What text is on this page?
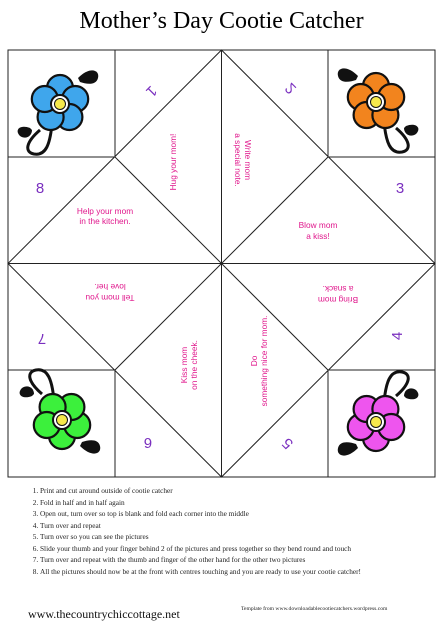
Mother’s Day Cootie Catcher
1	2
3
4
5
6
7
8	Hug your mom!	Write mom
a special note.
Help your mom
in the kitchen.	Blow mom
a kiss!
Tell mom you
love her.
Bring mom
a snack.
Kiss mom on the cheek.	Do something nice for mom.
1. Print and cut around outside of cootie catcher
2. Fold in half and in half again
3. Open out, turn over so top is blank and fold each corner into the middle
4. Turn over and repeat
5. Turn over so you can see the pictures
6. Slide your thumb and your finger behind 2 of the pictures and press together so they bend round and touch
7. Turn over and repeat with the thumb and finger of the other hand for the other two pictures
8. All the pictures should now be at the front with centres touching and you are ready to use your cootie catcher!
www.thecountrychiccottage.net	Template from www.downloadablecootiecatchers.wordpress.com
